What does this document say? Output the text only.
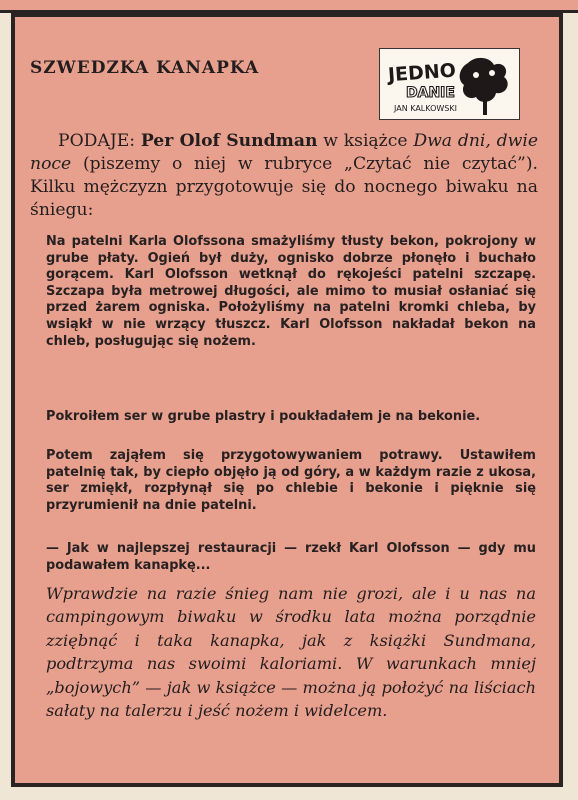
SZWEDZKA KANAPKA	JEDNO
DANIE
JAN KALKOWSKI
PODAJE: Per Olof Sundman w książce Dwa dni, dwie noce (piszemy o niej w rubryce „Czytać nie czytać”). Kilku mężczyzn przygotowuje się do nocnego biwaku na śniegu:
Na patelni Karla Olofssona smażyliśmy tłusty bekon, pokrojony w grube płaty. Ogień był duży, ognisko dobrze płonęło i buchało gorącem. Karl Olofsson wetknął do rękojeści patelni szczapę. Szczapa była metrowej długości, ale mimo to musiał osłaniać się przed żarem ogniska. Położyliśmy na patelni kromki chleba, by wsiąkł w nie wrzący tłuszcz. Karl Olofsson nakładał bekon na chleb, posługując się nożem.
Pokroiłem ser w grube plastry i poukładałem je na bekonie.
Potem zająłem się przygotowywaniem potrawy. Ustawiłem patelnię tak, by ciepło objęło ją od góry, a w każdym razie z ukosa, ser zmiękł, rozpłynął się po chlebie i bekonie i pięknie się przyrumienił na dnie patelni.
— Jak w najlepszej restauracji — rzekł Karl Olofsson — gdy mu podawałem kanapkę...
Wprawdzie na razie śnieg nam nie grozi, ale i u nas na campingowym biwaku w środku lata można porządnie zziębnąć i taka kanapka, jak z książki Sundmana, podtrzyma nas swoimi kaloriami. W warunkach mniej „bojowych” — jak w książce — można ją położyć na liściach sałaty na talerzu i jeść nożem i widelcem.
